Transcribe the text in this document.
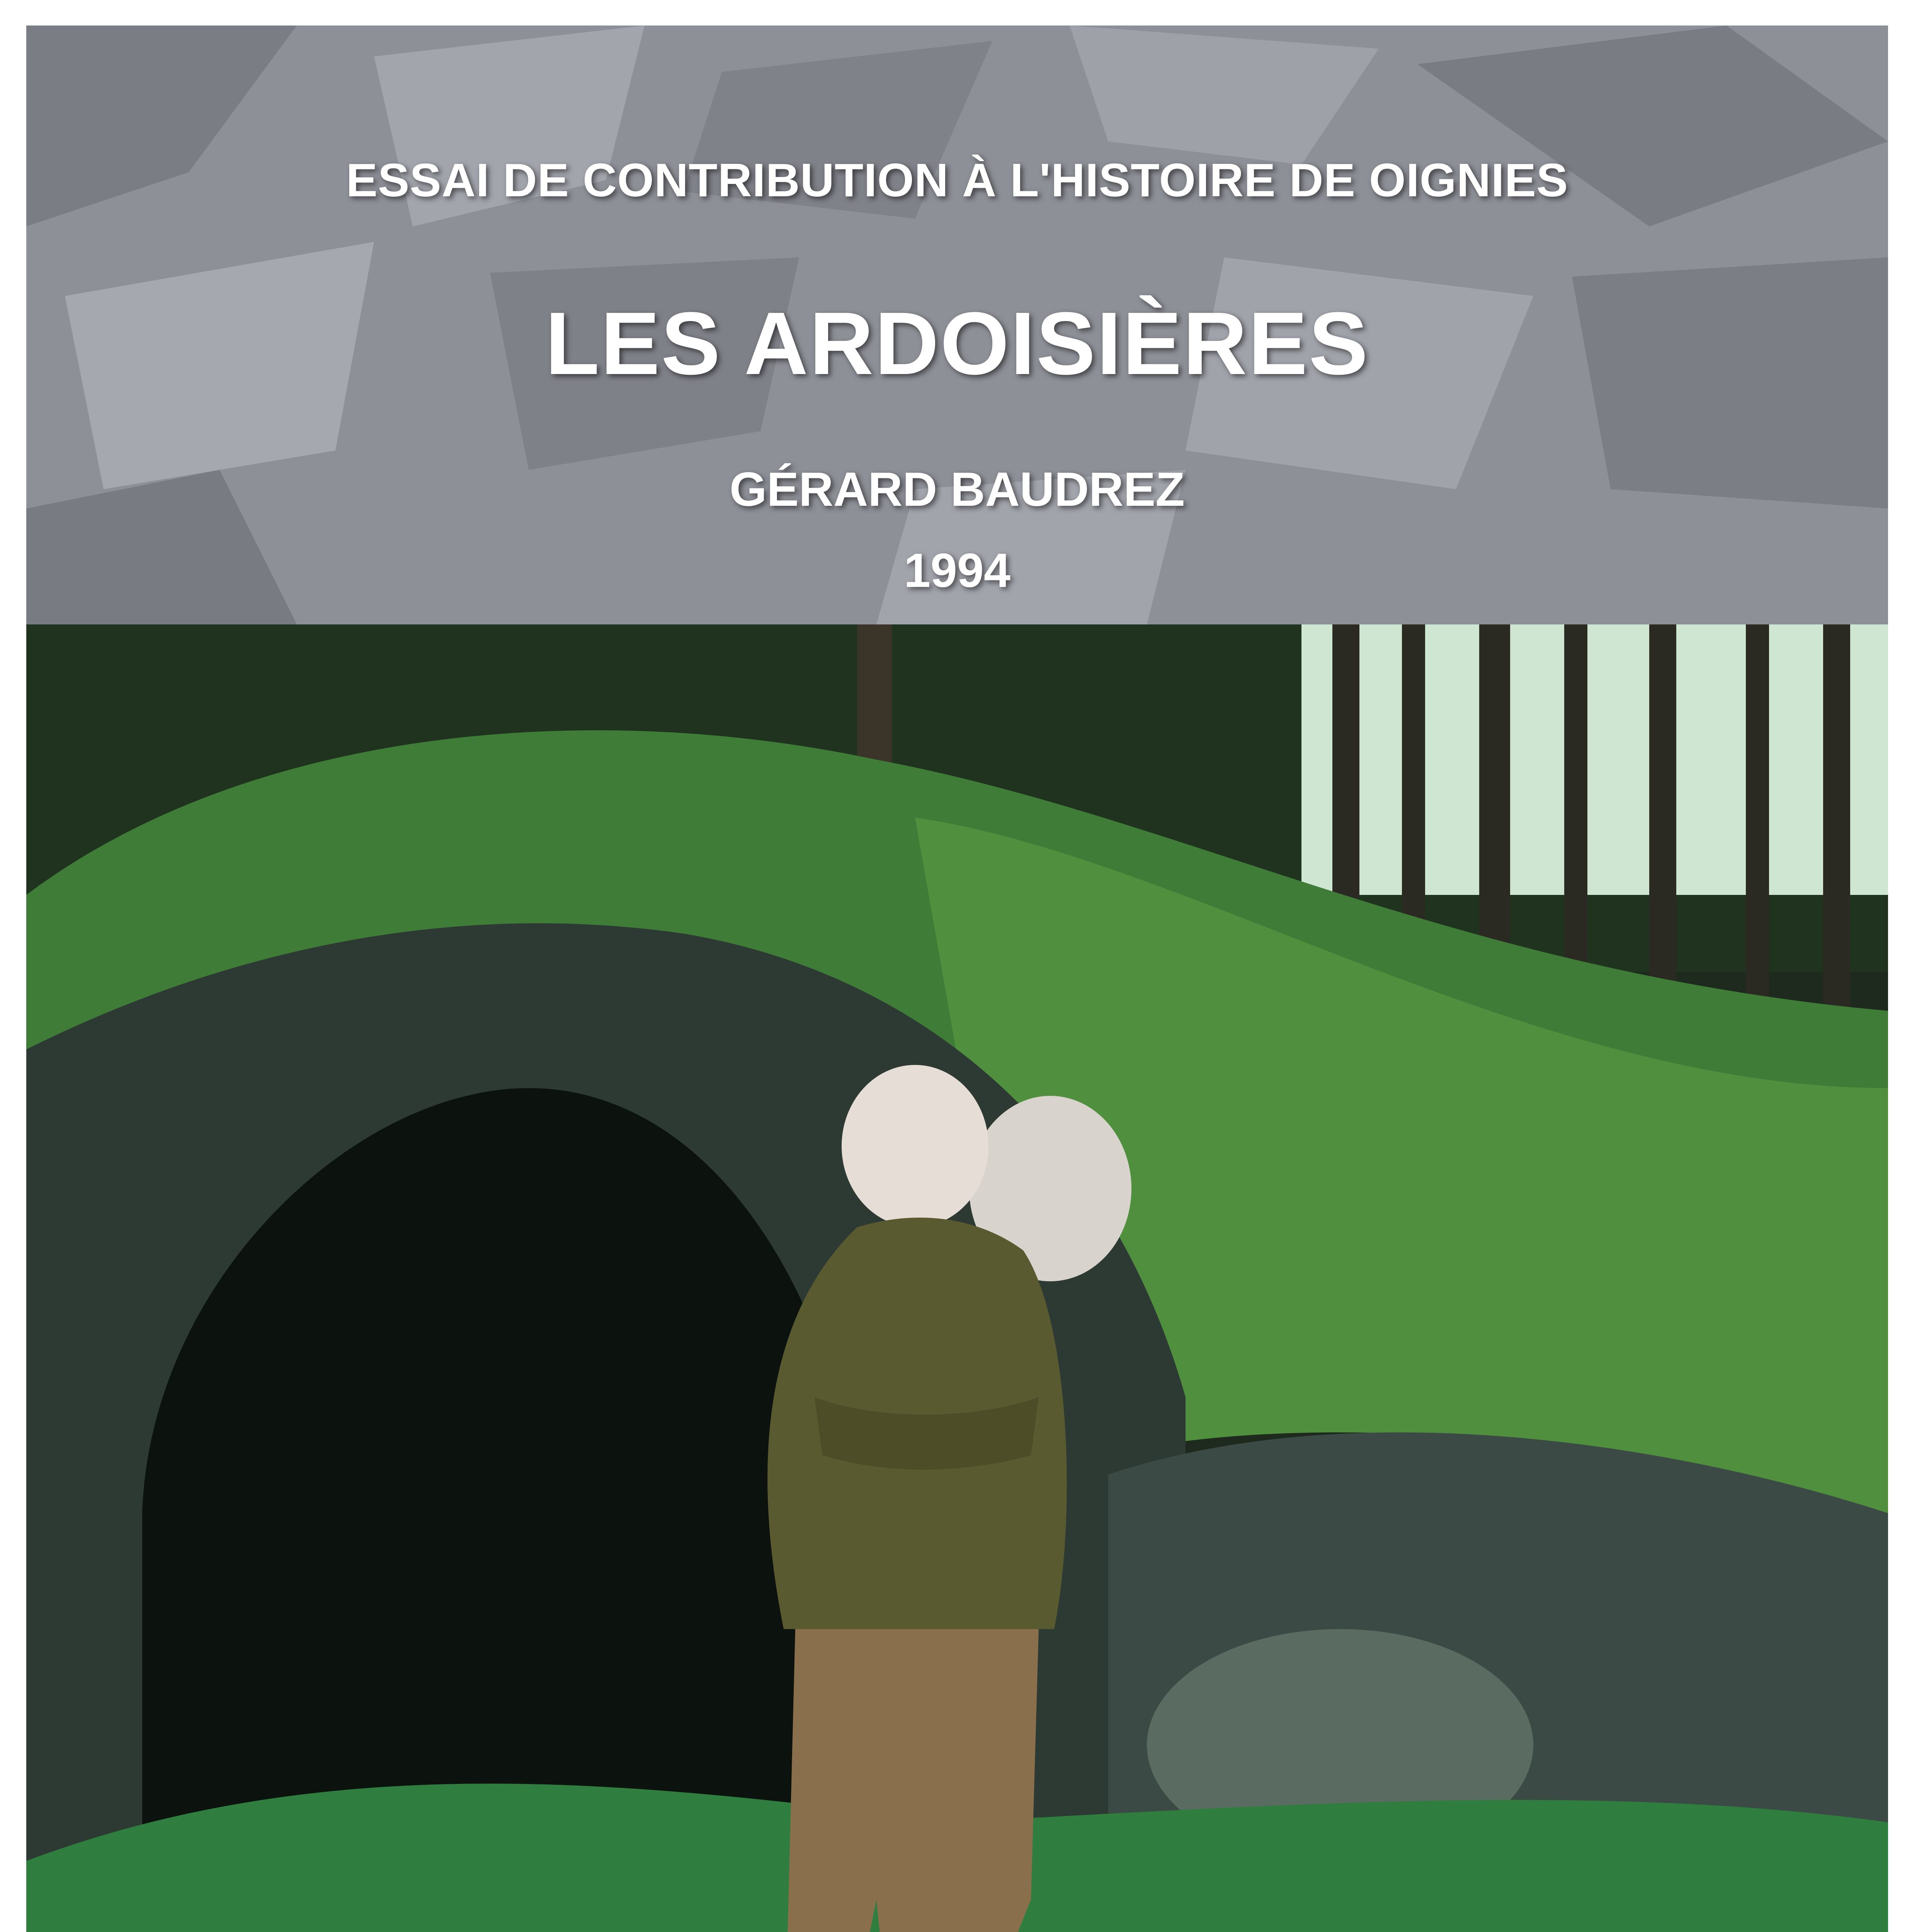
ESSAI DE CONTRIBUTION À L'HISTOIRE DE OIGNIES
LES ARDOISIÈRES
GÉRARD BAUDREZ
1994
